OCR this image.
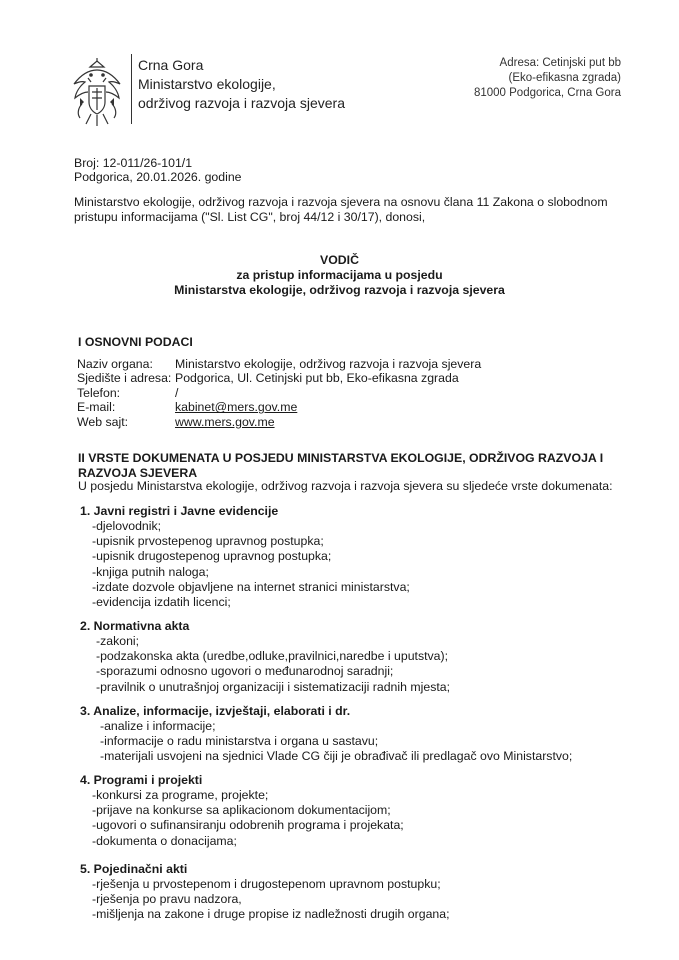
Crna Gora
Ministarstvo ekologije,
održivog razvoja i razvoja sjevera
Adresa: Cetinjski put bb
(Eko-efikasna zgrada)
81000 Podgorica, Crna Gora
Broj: 12-011/26-101/1
Podgorica, 20.01.2026. godine
Ministarstvo ekologije, održivog razvoja i razvoja sjevera na osnovu člana 11 Zakona o slobodnom
pristupu informacijama ("Sl. List CG", broj 44/12 i 30/17), donosi,
VODIČ
za pristup informacijama u posjedu
Ministarstva ekologije, održivog razvoja i razvoja sjevera
I OSNOVNI PODACI
Naziv organa:	Ministarstvo ekologije, održivog razvoja i razvoja sjevera
Sjedište i adresa:	Podgorica, Ul. Cetinjski put bb, Eko-efikasna zgrada
Telefon:	/
E-mail:	kabinet@mers.gov.me
Web sajt:	www.mers.gov.me
II VRSTE DOKUMENATA U POSJEDU MINISTARSTVA EKOLOGIJE, ODRŽIVOG RAZVOJA I
RAZVOJA SJEVERA
U posjedu Ministarstva ekologije, održivog razvoja i razvoja sjevera su sljedeće vrste dokumenata:
1. Javni registri i Javne evidencije
-djelovodnik;
-upisnik prvostepenog upravnog postupka;
-upisnik drugostepenog upravnog postupka;
-knjiga putnih naloga;
-izdate dozvole objavljene na internet stranici ministarstva;
-evidencija izdatih licenci;
2. Normativna akta
-zakoni;
-podzakonska akta (uredbe,odluke,pravilnici,naredbe i uputstva);
-sporazumi odnosno ugovori o međunarodnoj saradnji;
-pravilnik o unutrašnjoj organizaciji i sistematizaciji radnih mjesta;
3. Analize, informacije, izvještaji, elaborati i dr.
-analize i informacije;
-informacije o radu ministarstva i organa u sastavu;
-materijali usvojeni na sjednici Vlade CG čiji je obrađivač ili predlagač ovo Ministarstvo;
4. Programi i projekti
-konkursi za programe, projekte;
-prijave na konkurse sa aplikacionom dokumentacijom;
-ugovori o sufinansiranju odobrenih programa i projekata;
-dokumenta o donacijama;
5. Pojedinačni akti
-rješenja u prvostepenom i drugostepenom upravnom postupku;
-rješenja po pravu nadzora,
-mišljenja na zakone i druge propise iz nadležnosti drugih organa;
